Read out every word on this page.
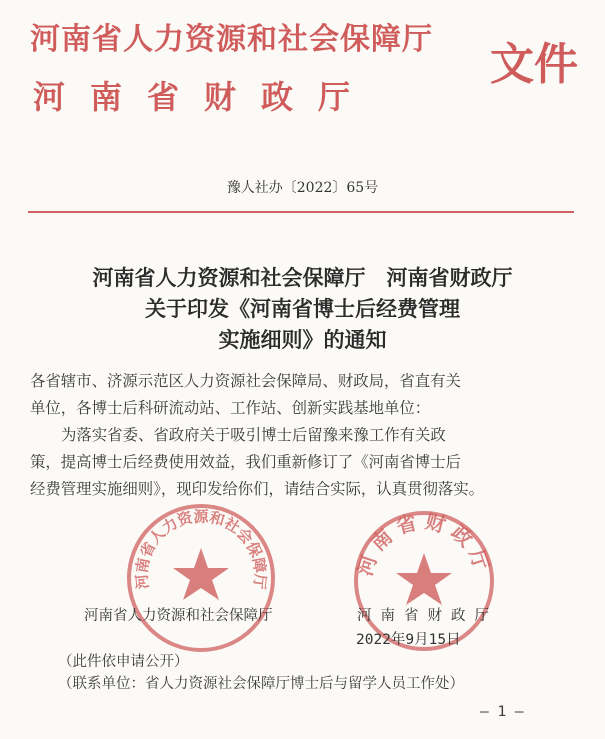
河南省人力资源和社会保障厅
河南省财政厅
文件
豫人社办〔2022〕65号
河南省人力资源和社会保障厅　河南省财政厅
关于印发《河南省博士后经费管理
实施细则》的通知
各省辖市、济源示范区人力资源社会保障局、财政局，省直有关
单位，各博士后科研流动站、工作站、创新实践基地单位：
为落实省委、省政府关于吸引博士后留豫来豫工作有关政
策，提高博士后经费使用效益，我们重新修订了《河南省博士后
经费管理实施细则》，现印发给你们，请结合实际，认真贯彻落实。
河南省人力资源和社会保障厅
河南省财政厅
河南省人力资源和社会保障厅	河南省财政厅
2022年9月15日
（此件依申请公开）
（联系单位：省人力资源社会保障厅博士后与留学人员工作处）
— 1 —
